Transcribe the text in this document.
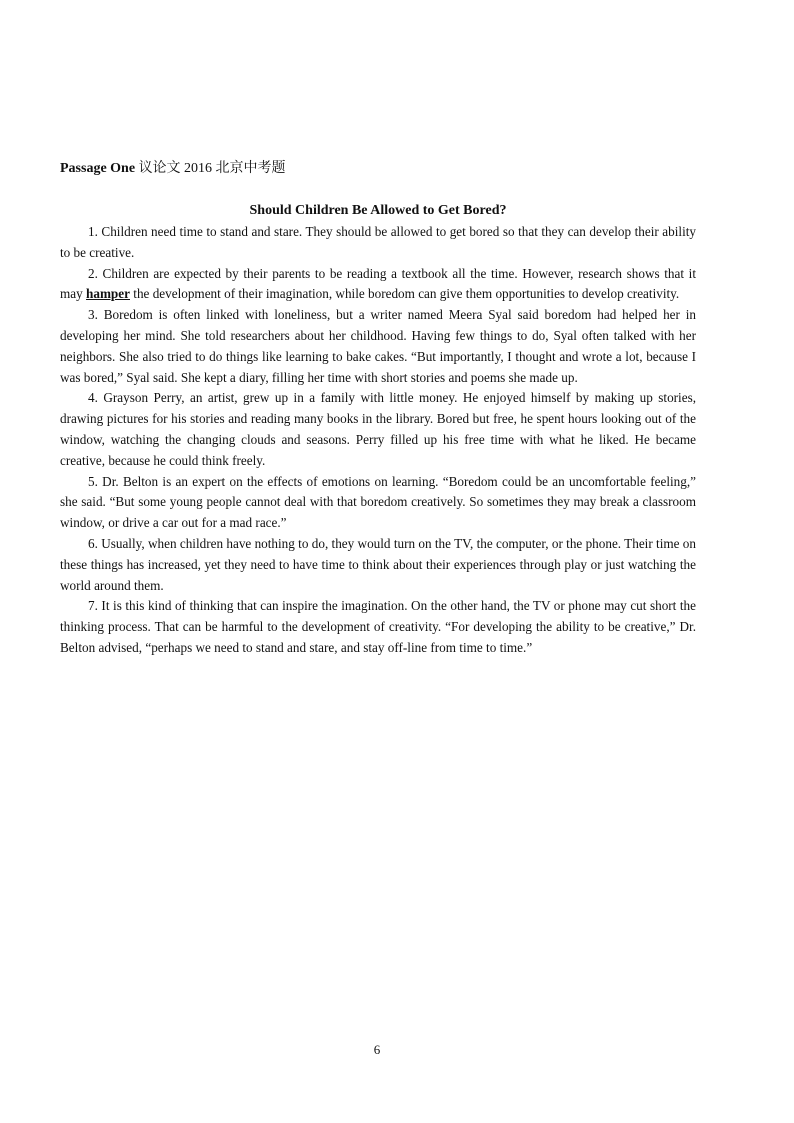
Passage One 议论文 2016 北京中考题
Should Children Be Allowed to Get Bored?

1. Children need time to stand and stare. They should be allowed to get bored so that they can develop their ability to be creative.

2. Children are expected by their parents to be reading a textbook all the time. However, research shows that it may hamper the development of their imagination, while boredom can give them opportunities to develop creativity.

3. Boredom is often linked with loneliness, but a writer named Meera Syal said boredom had helped her in developing her mind. She told researchers about her childhood. Having few things to do, Syal often talked with her neighbors. She also tried to do things like learning to bake cakes. “But importantly, I thought and wrote a lot, because I was bored,” Syal said. She kept a diary, filling her time with short stories and poems she made up.

4. Grayson Perry, an artist, grew up in a family with little money. He enjoyed himself by making up stories, drawing pictures for his stories and reading many books in the library. Bored but free, he spent hours looking out of the window, watching the changing clouds and seasons. Perry filled up his free time with what he liked. He became creative, because he could think freely.

5. Dr. Belton is an expert on the effects of emotions on learning. “Boredom could be an uncomfortable feeling,” she said. “But some young people cannot deal with that boredom creatively. So sometimes they may break a classroom window, or drive a car out for a mad race.”

6. Usually, when children have nothing to do, they would turn on the TV, the computer, or the phone. Their time on these things has increased, yet they need to have time to think about their experiences through play or just watching the world around them.

7. It is this kind of thinking that can inspire the imagination. On the other hand, the TV or phone may cut short the thinking process. That can be harmful to the development of creativity. “For developing the ability to be creative,” Dr. Belton advised, “perhaps we need to stand and stare, and stay off-line from time to time.”

6
